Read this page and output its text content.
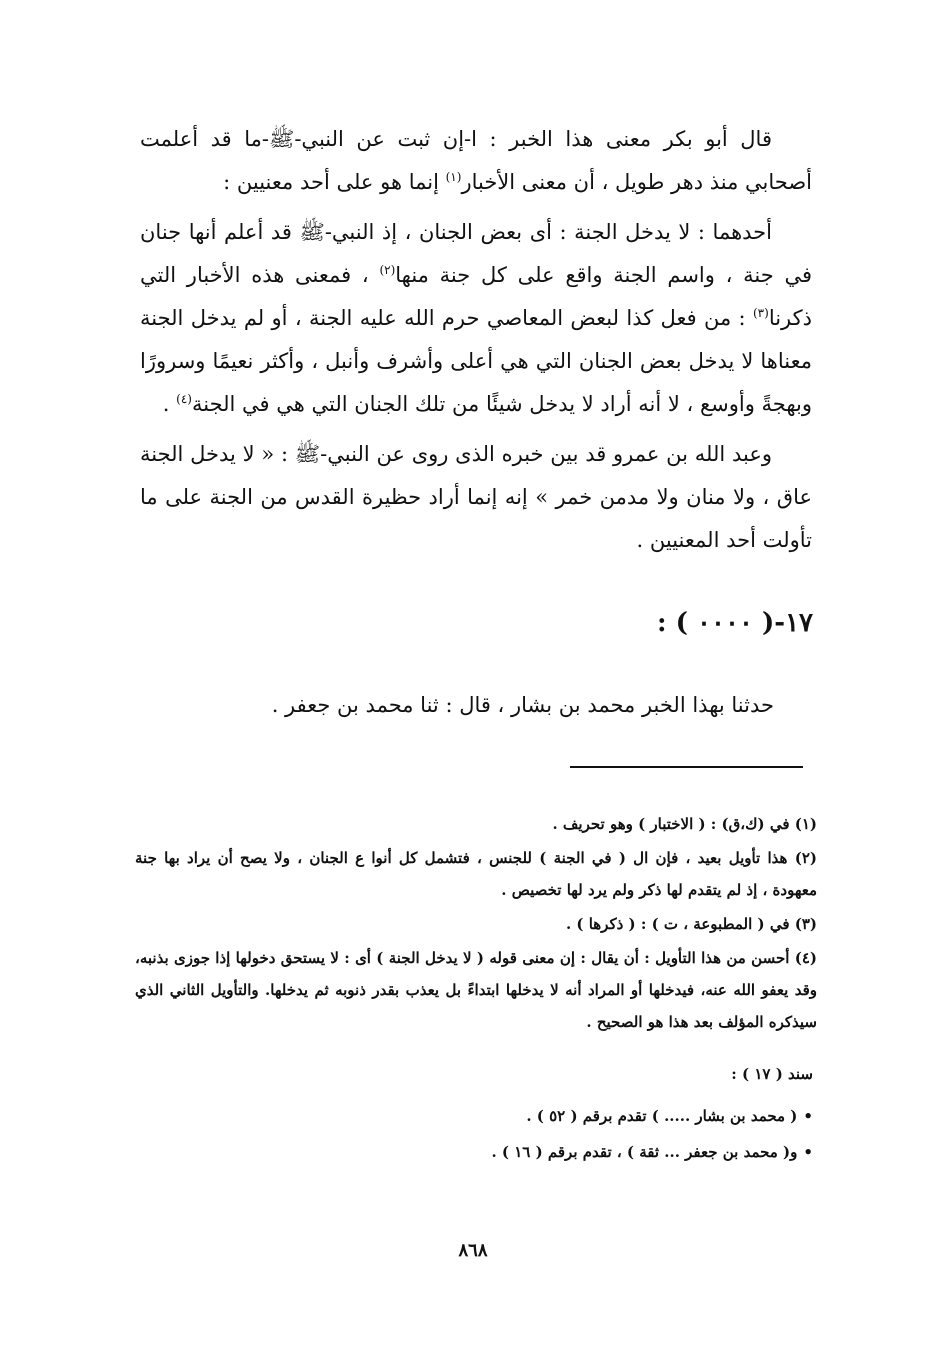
قال أبو بكر معنى هذا الخبر : ا-إن ثبت عن النبي-ﷺ-ما قد أعلمت أصحابي منذ دهر طويل ، أن معنى الأخبار$^{(١)}$ إنما هو على أحد معنيين :

أحدهما : لا يدخل الجنة : أى بعض الجنان ، إذ النبي-ﷺ قد أعلم أنها جنان في جنة ، واسم الجنة واقع على كل جنة منها$^{(٢)}$ ، فمعنى هذه الأخبار التي ذكرنا$^{(٣)}$ : من فعل كذا لبعض المعاصي حرم الله عليه الجنة ، أو لم يدخل الجنة معناها لا يدخل بعض الجنان التي هي أعلى وأشرف وأنبل ، وأكثر نعيمًا وسرورًا وبهجةً وأوسع ، لا أنه أراد لا يدخل شيئًا من تلك الجنان التي هي في الجنة$^{(٤)}$ .

وعبد الله بن عمرو قد بين خبره الذى روى عن النبي-ﷺ : « لا يدخل الجنة عاق ، ولا منان ولا مدمن خمر » إنه إنما أراد حظيرة القدس من الجنة على ما تأولت أحد المعنيين .

١٧-( ٠٠٠٠ ) :
حدثنا بهذا الخبر محمد بن بشار ، قال : ثنا محمد بن جعفر .

(١) في (ك،ق) : ( الاختبار ) وهو تحريف .

(٢) هذا تأويل بعيد ، فإن ال ( في الجنة ) للجنس ، فتشمل كل أنوا ع الجنان ، ولا يصح أن يراد بها جنة معهودة ، إذ لم يتقدم لها ذكر ولم يرد لها تخصيص .

(٣) في ( المطبوعة ، ت ) : ( ذكرها ) .

(٤) أحسن من هذا التأويل : أن يقال : إن معنى قوله ( لا يدخل الجنة ) أى : لا يستحق دخولها إذا جوزى بذنبه، وقد يعفو الله عنه، فيدخلها أو المراد أنه لا يدخلها ابتداءً بل يعذب بقدر ذنوبه ثم يدخلها. والتأويل الثاني الذي سيذكره المؤلف بعد هذا هو الصحيح .

سند ( ١٧ ) :

•( محمد بن بشار ..... ) تقدم برقم ( ٥٢ ) .

•و( محمد بن جعفر ... ثقة ) ، تقدم برقم ( ١٦ ) .

٨٦٨
